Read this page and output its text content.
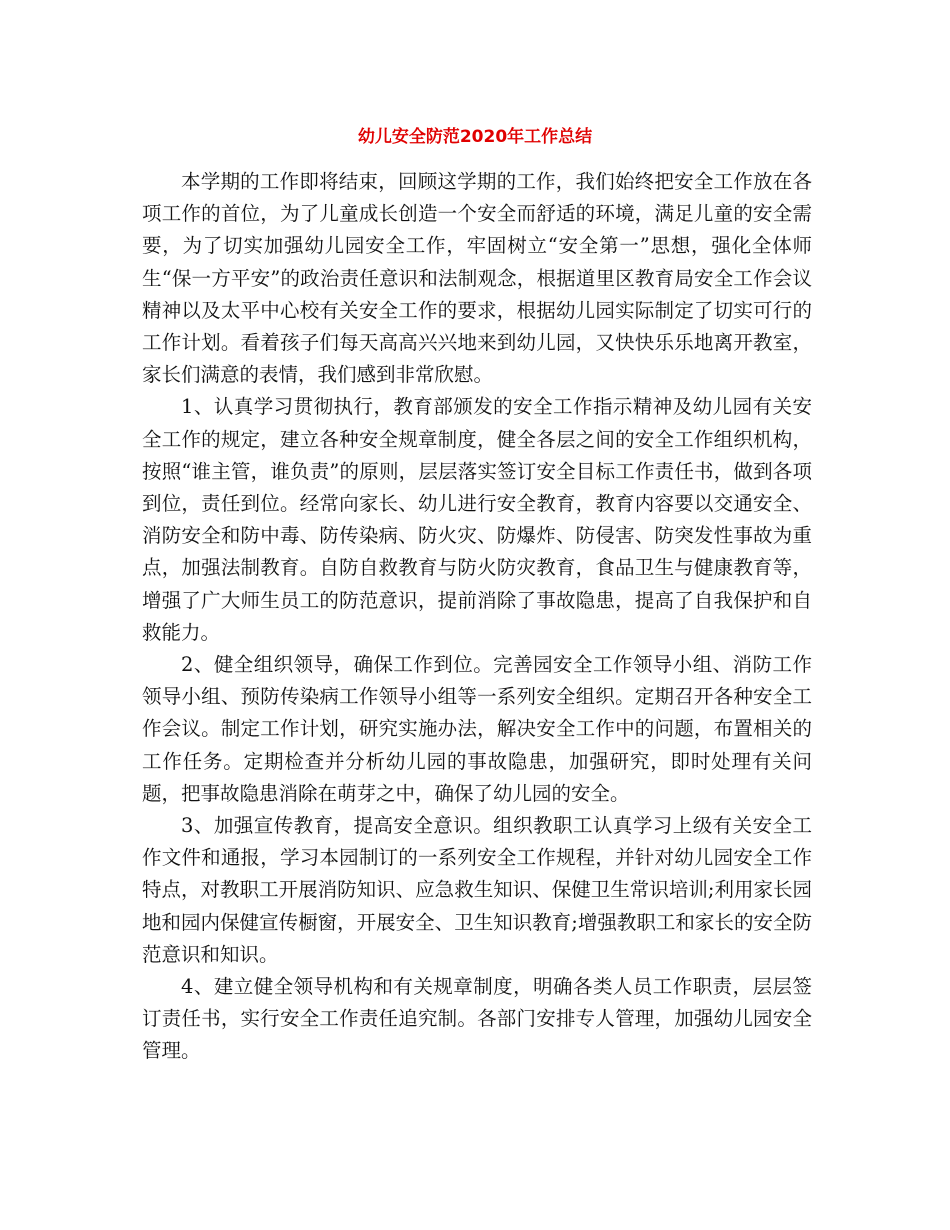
幼儿安全防范2020年工作总结

本学期的工作即将结束，回顾这学期的工作，我们始终把安全工作放在各项工作的首位，为了儿童成长创造一个安全而舒适的环境，满足儿童的安全需要，为了切实加强幼儿园安全工作，牢固树立“安全第一”思想，强化全体师生“保一方平安”的政治责任意识和法制观念，根据道里区教育局安全工作会议精神以及太平中心校有关安全工作的要求，根据幼儿园实际制定了切实可行的工作计划。看着孩子们每天高高兴兴地来到幼儿园，又快快乐乐地离开教室，家长们满意的表情，我们感到非常欣慰。

1、认真学习贯彻执行，教育部颁发的安全工作指示精神及幼儿园有关安全工作的规定，建立各种安全规章制度，健全各层之间的安全工作组织机构，按照“谁主管，谁负责”的原则，层层落实签订安全目标工作责任书，做到各项到位，责任到位。经常向家长、幼儿进行安全教育，教育内容要以交通安全、消防安全和防中毒、防传染病、防火灾、防爆炸、防侵害、防突发性事故为重点，加强法制教育。自防自救教育与防火防灾教育，食品卫生与健康教育等，增强了广大师生员工的防范意识，提前消除了事故隐患，提高了自我保护和自救能力。

2、健全组织领导，确保工作到位。完善园安全工作领导小组、消防工作领导小组、预防传染病工作领导小组等一系列安全组织。定期召开各种安全工作会议。制定工作计划，研究实施办法，解决安全工作中的问题，布置相关的工作任务。定期检查并分析幼儿园的事故隐患，加强研究，即时处理有关问题，把事故隐患消除在萌芽之中，确保了幼儿园的安全。

3、加强宣传教育，提高安全意识。组织教职工认真学习上级有关安全工作文件和通报，学习本园制订的一系列安全工作规程，并针对幼儿园安全工作特点，对教职工开展消防知识、应急救生知识、保健卫生常识培训;利用家长园地和园内保健宣传橱窗，开展安全、卫生知识教育;增强教职工和家长的安全防范意识和知识。

4、建立健全领导机构和有关规章制度，明确各类人员工作职责，层层签订责任书，实行安全工作责任追究制。各部门安排专人管理，加强幼儿园安全管理。
